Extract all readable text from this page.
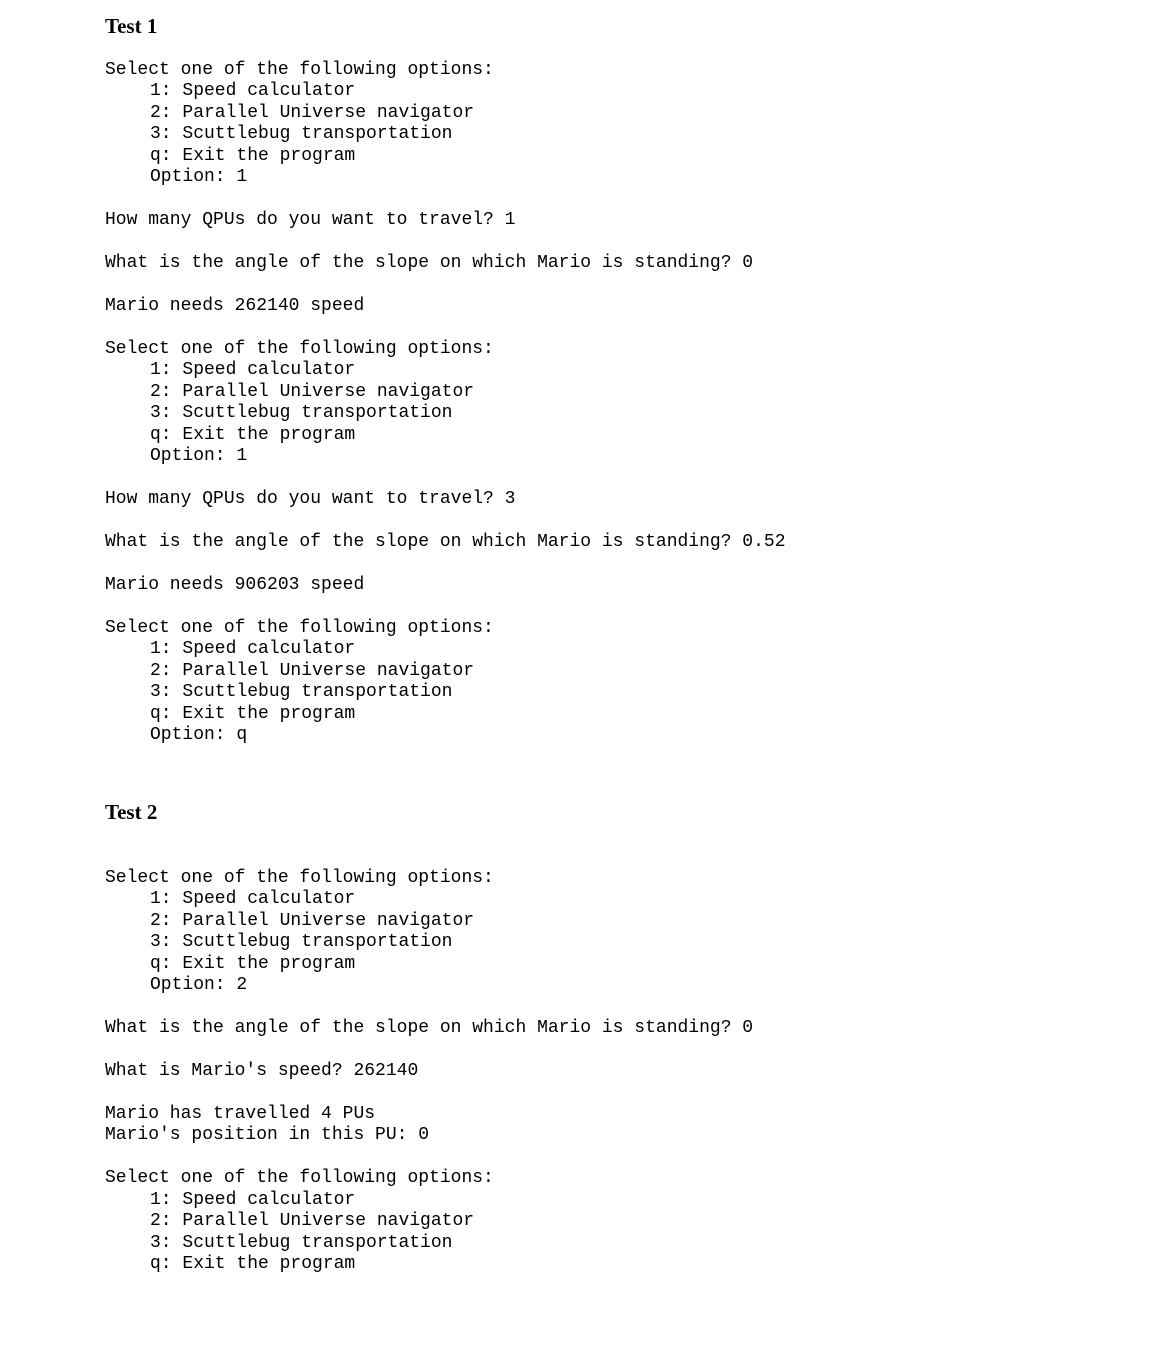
Test 1
Select one of the following options:
1: Speed calculator
2: Parallel Universe navigator
3: Scuttlebug transportation
q: Exit the program
Option: 1
How many QPUs do you want to travel? 1
What is the angle of the slope on which Mario is standing? 0
Mario needs 262140 speed
Select one of the following options:
1: Speed calculator
2: Parallel Universe navigator
3: Scuttlebug transportation
q: Exit the program
Option: 1
How many QPUs do you want to travel? 3
What is the angle of the slope on which Mario is standing? 0.52
Mario needs 906203 speed
Select one of the following options:
1: Speed calculator
2: Parallel Universe navigator
3: Scuttlebug transportation
q: Exit the program
Option: q
Test 2
Select one of the following options:
1: Speed calculator
2: Parallel Universe navigator
3: Scuttlebug transportation
q: Exit the program
Option: 2
What is the angle of the slope on which Mario is standing? 0
What is Mario's speed? 262140
Mario has travelled 4 PUs
Mario's position in this PU: 0
Select one of the following options:
1: Speed calculator
2: Parallel Universe navigator
3: Scuttlebug transportation
q: Exit the program
